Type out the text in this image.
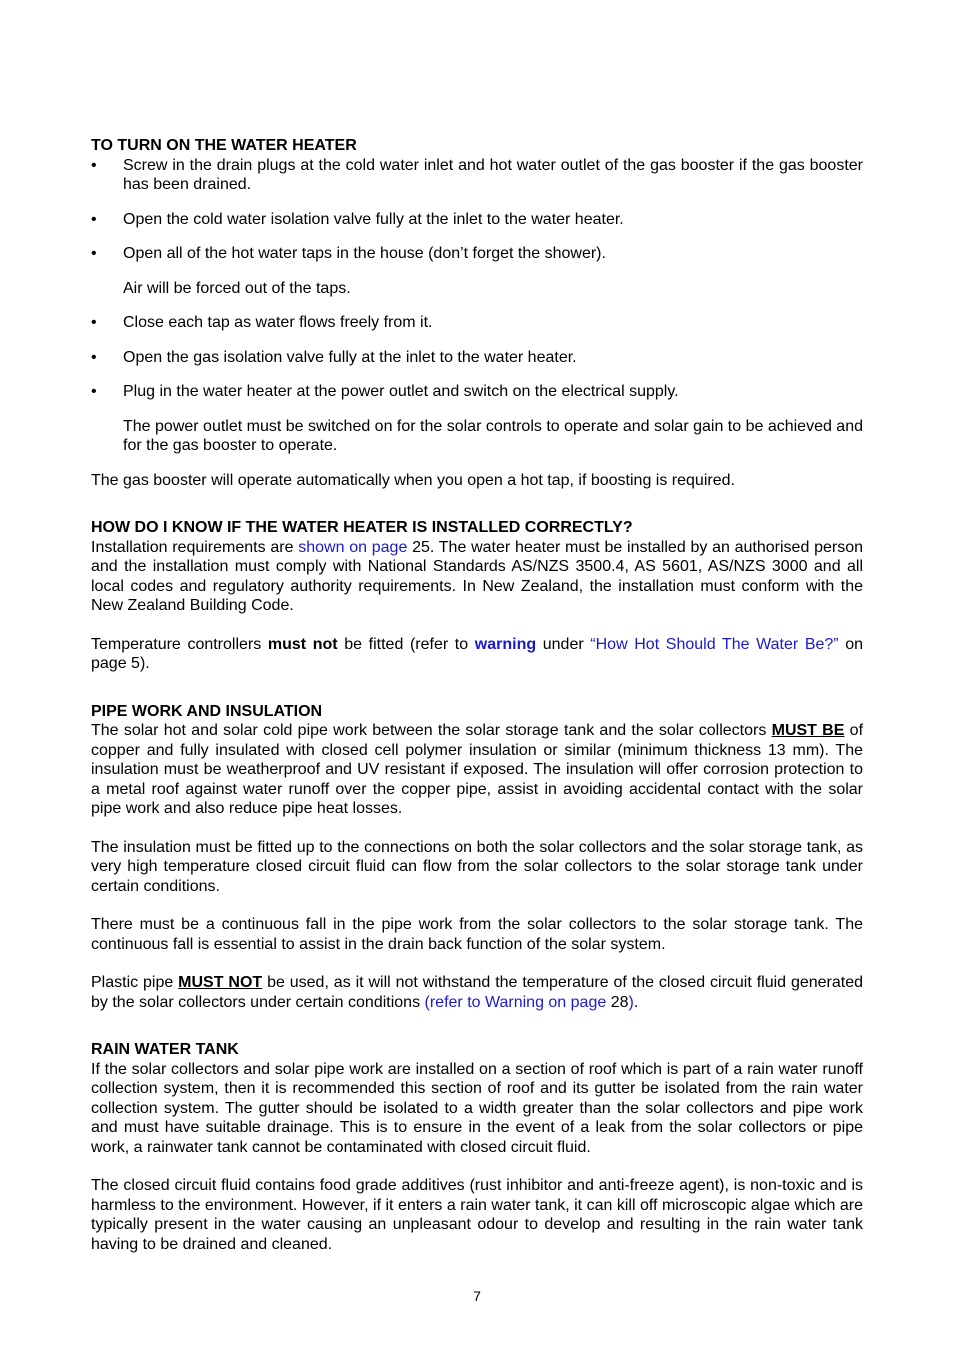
TO TURN ON THE WATER HEATER
• Screw in the drain plugs at the cold water inlet and hot water outlet of the gas booster if the gas booster has been drained.
• Open the cold water isolation valve fully at the inlet to the water heater.
• Open all of the hot water taps in the house (don’t forget the shower).

Air will be forced out of the taps.

• Close each tap as water flows freely from it.
• Open the gas isolation valve fully at the inlet to the water heater.
• Plug in the water heater at the power outlet and switch on the electrical supply.

The power outlet must be switched on for the solar controls to operate and solar gain to be achieved and for the gas booster to operate.

The gas booster will operate automatically when you open a hot tap, if boosting is required.

HOW DO I KNOW IF THE WATER HEATER IS INSTALLED CORRECTLY?

Installation requirements are shown on page 25. The water heater must be installed by an authorised person and the installation must comply with National Standards AS/NZS 3500.4, AS 5601, AS/NZS 3000 and all local codes and regulatory authority requirements. In New Zealand, the installation must conform with the New Zealand Building Code.

Temperature controllers must not be fitted (refer to warning under “How Hot Should The Water Be?” on page 5).

PIPE WORK AND INSULATION

The solar hot and solar cold pipe work between the solar storage tank and the solar collectors MUST BE of copper and fully insulated with closed cell polymer insulation or similar (minimum thickness 13 mm). The insulation must be weatherproof and UV resistant if exposed. The insulation will offer corrosion protection to a metal roof against water runoff over the copper pipe, assist in avoiding accidental contact with the solar pipe work and also reduce pipe heat losses.

The insulation must be fitted up to the connections on both the solar collectors and the solar storage tank, as very high temperature closed circuit fluid can flow from the solar collectors to the solar storage tank under certain conditions.

There must be a continuous fall in the pipe work from the solar collectors to the solar storage tank. The continuous fall is essential to assist in the drain back function of the solar system.

Plastic pipe MUST NOT be used, as it will not withstand the temperature of the closed circuit fluid generated by the solar collectors under certain conditions (refer to Warning on page 28).

RAIN WATER TANK

If the solar collectors and solar pipe work are installed on a section of roof which is part of a rain water runoff collection system, then it is recommended this section of roof and its gutter be isolated from the rain water collection system. The gutter should be isolated to a width greater than the solar collectors and pipe work and must have suitable drainage. This is to ensure in the event of a leak from the solar collectors or pipe work, a rainwater tank cannot be contaminated with closed circuit fluid.

The closed circuit fluid contains food grade additives (rust inhibitor and anti-freeze agent), is non-toxic and is harmless to the environment. However, if it enters a rain water tank, it can kill off microscopic algae which are typically present in the water causing an unpleasant odour to develop and resulting in the rain water tank having to be drained and cleaned.

7
